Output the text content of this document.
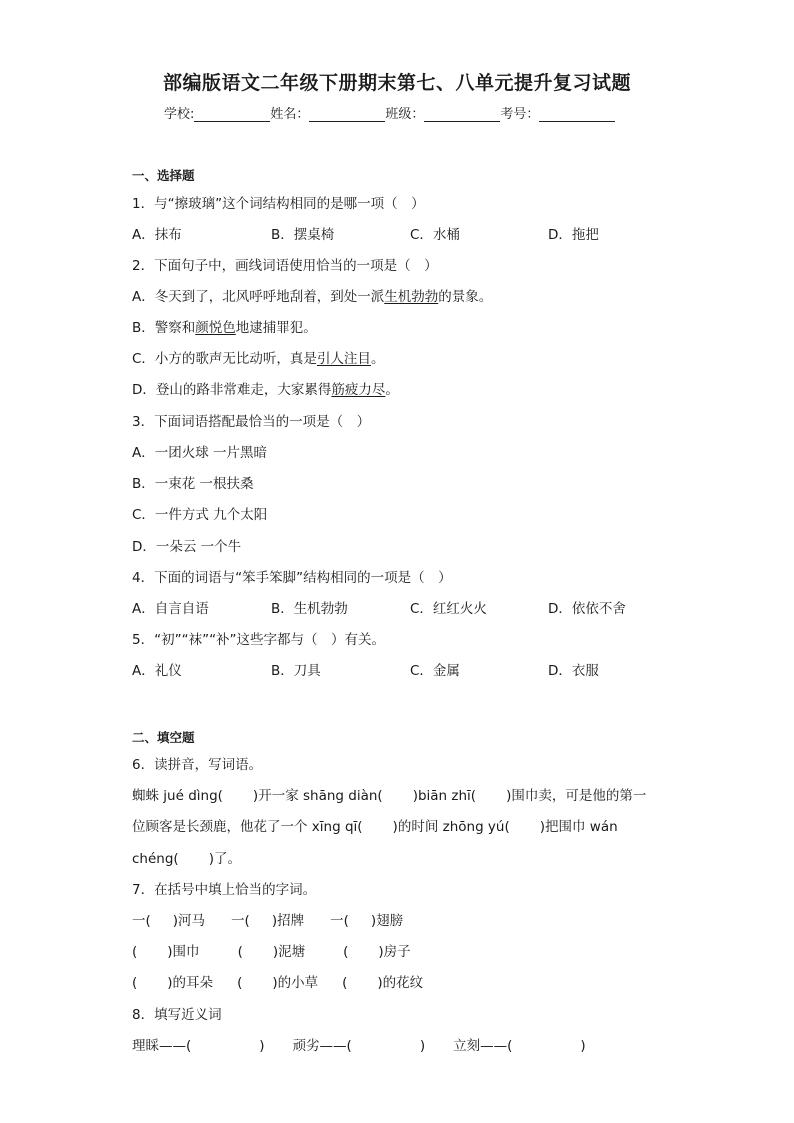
部编版语文二年级下册期末第七、八单元提升复习试题
学校:	姓名：	班级：	考号：
一、选择题
1．与“擦玻璃”这个词结构相同的是哪一项（　）
A．抹布	B．摆桌椅	C．水桶	D．拖把
2．下面句子中，画线词语使用恰当的一项是（　）
A．冬天到了，北风呼呼地刮着，到处一派生机勃勃的景象。
B．警察和颜悦色地逮捕罪犯。
C．小方的歌声无比动听，真是引人注目。
D．登山的路非常难走，大家累得筋疲力尽。
3．下面词语搭配最恰当的一项是（　）
A．一团火球 一片黑暗
B．一束花 一根扶桑
C．一件方式 九个太阳
D．一朵云 一个牛
4．下面的词语与“笨手笨脚”结构相同的一项是（　）
A．自言自语	B．生机勃勃	C．红红火火	D．依依不舍
5．“初”“袜”“补”这些字都与（　）有关。
A．礼仪	B．刀具	C．金属	D．衣服
二、填空题
6．读拼音，写词语。
蜘蛛 jué dìng( )开一家 shāng diàn( )biān zhī( )围巾卖，可是他的第一
位顾客是长颈鹿，他花了一个 xīng qī( )的时间 zhōng yú( )把围巾 wán
chéng( )了。
7．在括号中填上恰当的字词。
一( )河马 一( )招牌 一( )翅膀
( )围巾	( )泥塘	( )房子
( )的耳朵 ( )的小草 ( )的花纹
8．填写近义词
理睬——(	) 顽劣——(	) 立刻——(	)
